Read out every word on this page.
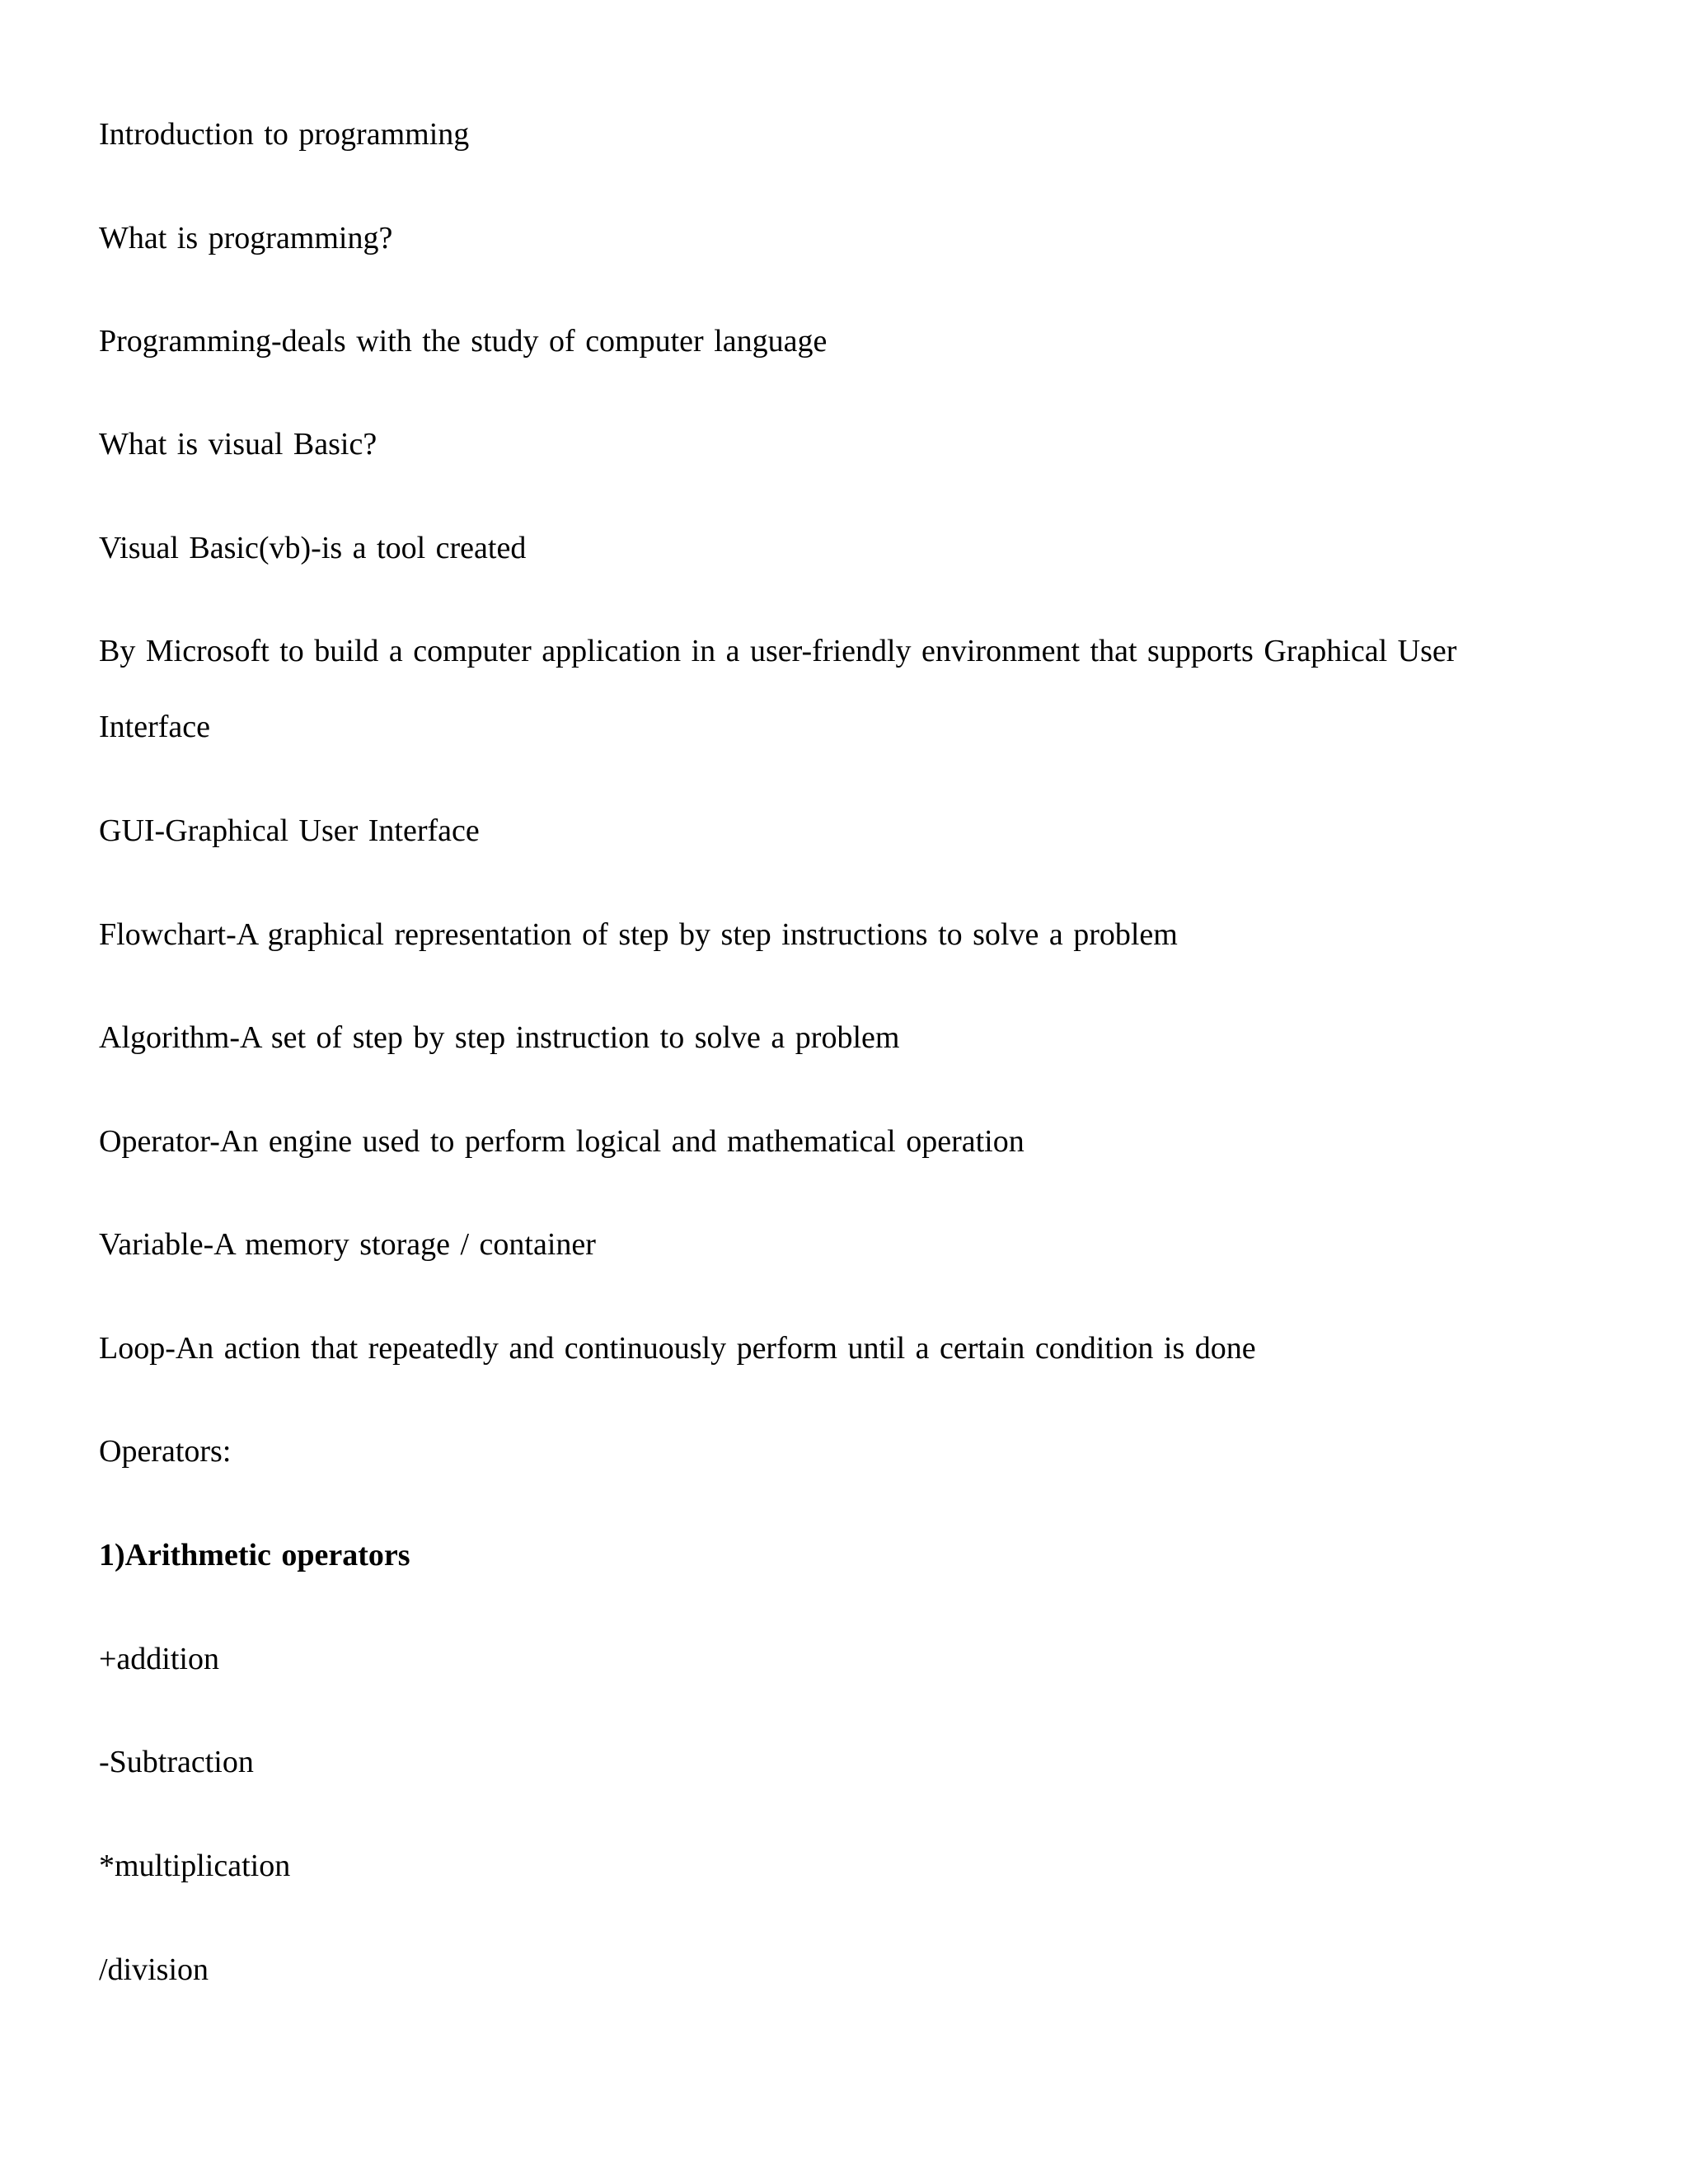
Introduction to programming

What is programming?

Programming-deals with the study of computer language

What is visual Basic?

Visual Basic(vb)-is a tool created

By Microsoft to build a computer application in a user-friendly environment that supports Graphical User

Interface

GUI-Graphical User Interface

Flowchart-A graphical representation of step by step instructions to solve a problem

Algorithm-A set of step by step instruction to solve a problem

Operator-An engine used to perform logical and mathematical operation

Variable-A memory storage / container

Loop-An action that repeatedly and continuously perform until a certain condition is done

Operators:

1)Arithmetic operators

+addition

-Subtraction

*multiplication

/division
